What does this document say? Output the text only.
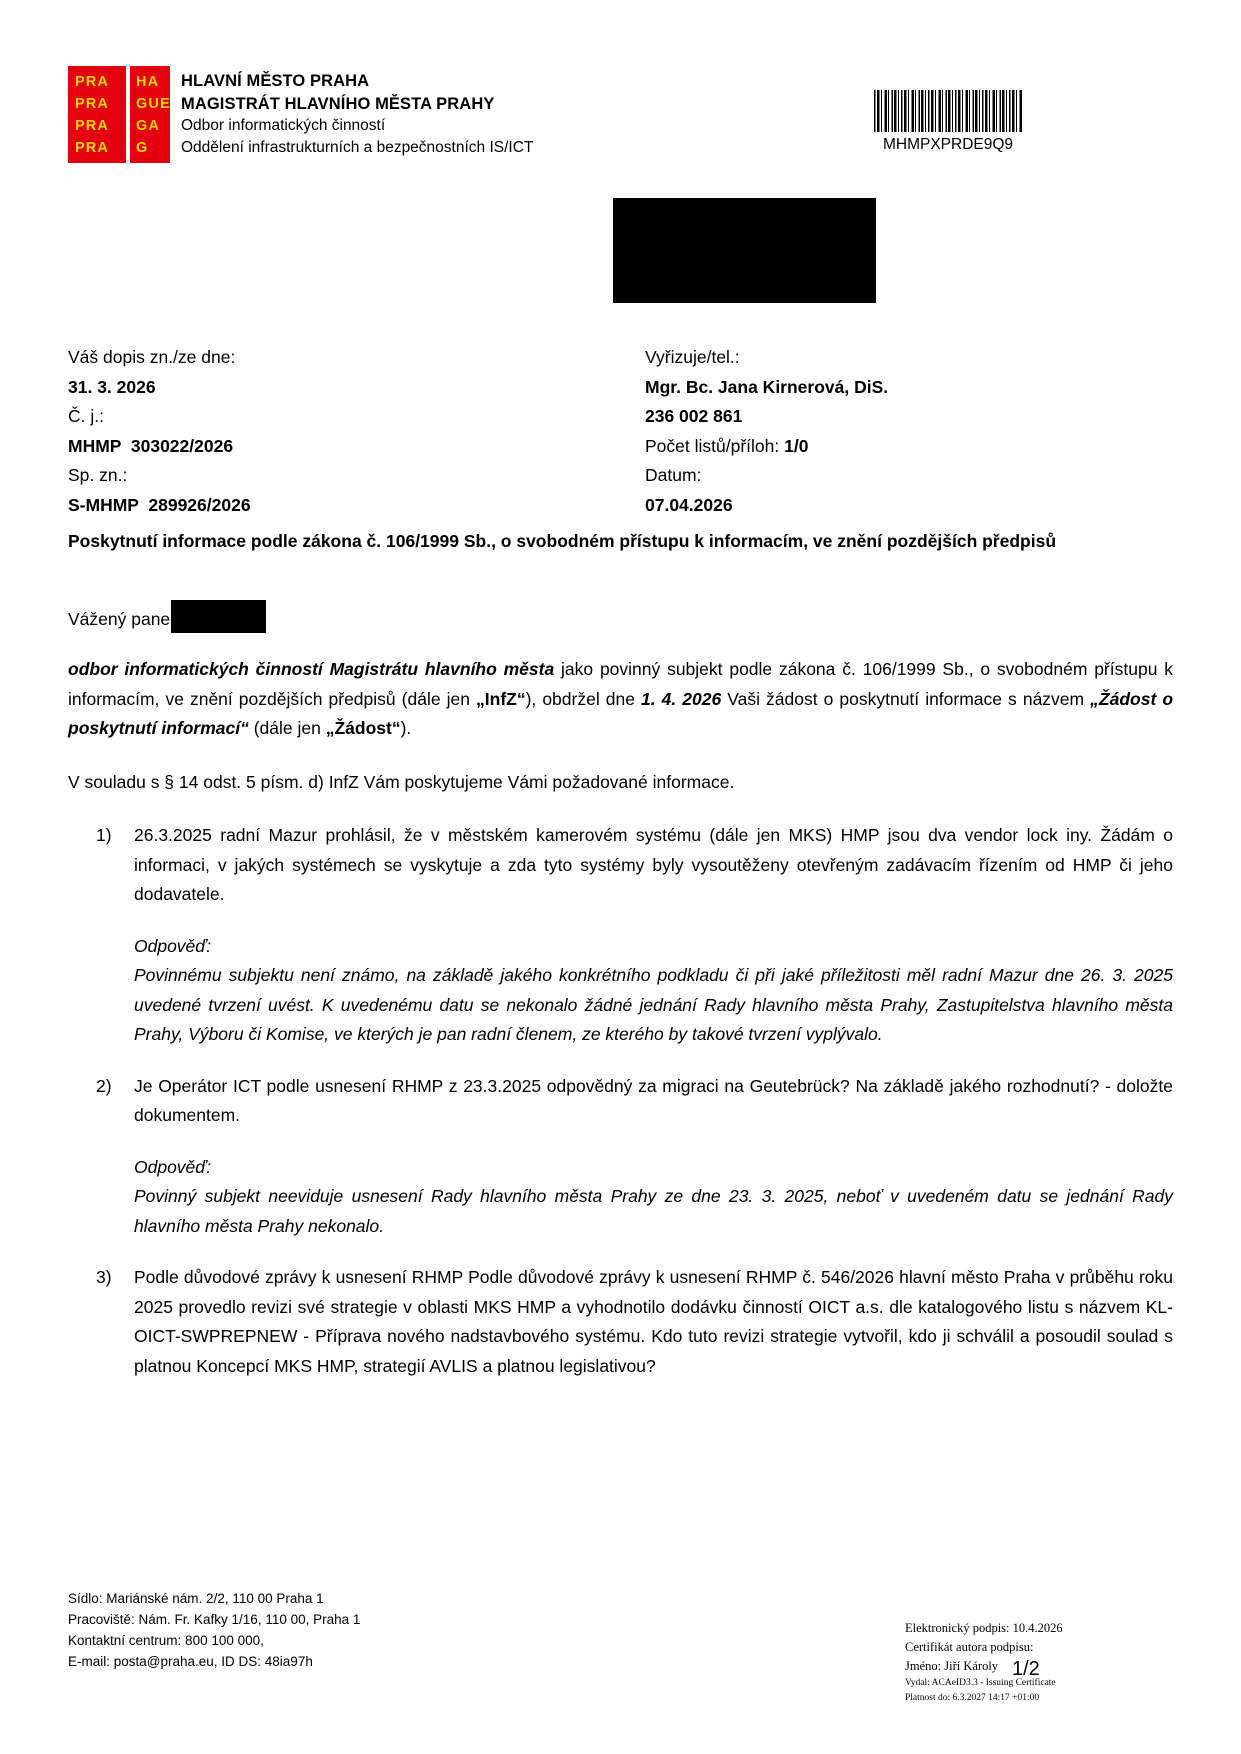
PRA
PRA
PRA
PRA
HA
GUE
GA
G
HLAVNÍ MĚSTO PRAHA
MAGISTRÁT HLAVNÍHO MĚSTA PRAHY
Odbor informatických činností
Oddělení infrastrukturních a bezpečnostních IS/ICT	MHMPXPRDE9Q9
Váš dopis zn./ze dne:
31. 3. 2026
Č. j.:
MHMP  303022/2026
Sp. zn.:
S-MHMP  289926/2026
Vyřizuje/tel.:
Mgr. Bc. Jana Kirnerová, DiS.
236 002 861
Počet listů/příloh: 1/0
Datum:
07.04.2026
Poskytnutí informace podle zákona č. 106/1999 Sb., o svobodném přístupu k informacím, ve znění pozdějších předpisů
Vážený pane

odbor informatických činností Magistrátu hlavního města jako povinný subjekt podle zákona č. 106/1999 Sb., o svobodném přístupu k informacím, ve znění pozdějších předpisů (dále jen „InfZ“), obdržel dne 1. 4. 2026 Vaši žádost o poskytnutí informace s názvem „Žádost o poskytnutí informací“ (dále jen „Žádost“).

V souladu s § 14 odst. 5 písm. d) InfZ Vám poskytujeme Vámi požadované informace.

26.3.2025 radní Mazur prohlásil, že v městském kamerovém systému (dále jen MKS) HMP jsou dva vendor lock iny. Žádám o informaci, v jakých systémech se vyskytuje a zda tyto systémy byly vysoutěženy otevřeným zadávacím řízením od HMP či jeho dodavatele.
Odpověď:
Povinnému subjektu není známo, na základě jakého konkrétního podkladu či při jaké příležitosti měl radní Mazur dne 26. 3. 2025 uvedené tvrzení uvést. K uvedenému datu se nekonalo žádné jednání Rady hlavního města Prahy, Zastupitelstva hlavního města Prahy, Výboru či Komise, ve kterých je pan radní členem, ze kterého by takové tvrzení vyplývalo.
Je Operátor ICT podle usnesení RHMP z 23.3.2025 odpovědný za migraci na Geutebrück? Na základě jakého rozhodnutí? - doložte dokumentem.
Odpověď:
Povinný subjekt neeviduje usnesení Rady hlavního města Prahy ze dne 23. 3. 2025, neboť v uvedeném datu se jednání Rady hlavního města Prahy nekonalo.
Podle důvodové zprávy k usnesení RHMP Podle důvodové zprávy k usnesení RHMP č. 546/2026 hlavní město Praha v průběhu roku 2025 provedlo revizi své strategie v oblasti MKS HMP a vyhodnotilo dodávku činností OICT a.s. dle katalogového listu s názvem KL-OICT-SWPREPNEW - Příprava nového nadstavbového systému. Kdo tuto revizi strategie vytvořil, kdo ji schválil a posoudil soulad s platnou Koncepcí MKS HMP, strategií AVLIS a platnou legislativou?
Sídlo: Mariánské nám. 2/2, 110 00 Praha 1
Pracoviště: Nám. Fr. Kafky 1/16, 110 00, Praha 1
Kontaktní centrum: 800 100 000,
E-mail: posta@praha.eu, ID DS: 48ia97h
Elektronický podpis: 10.4.2026
Certifikát autora podpisu:
Jméno: Jiří Károly
Vydal: ACAeID3.3 - Issuing Certificate
Platnost do: 6.3.2027 14:17 +01:00
1/2
